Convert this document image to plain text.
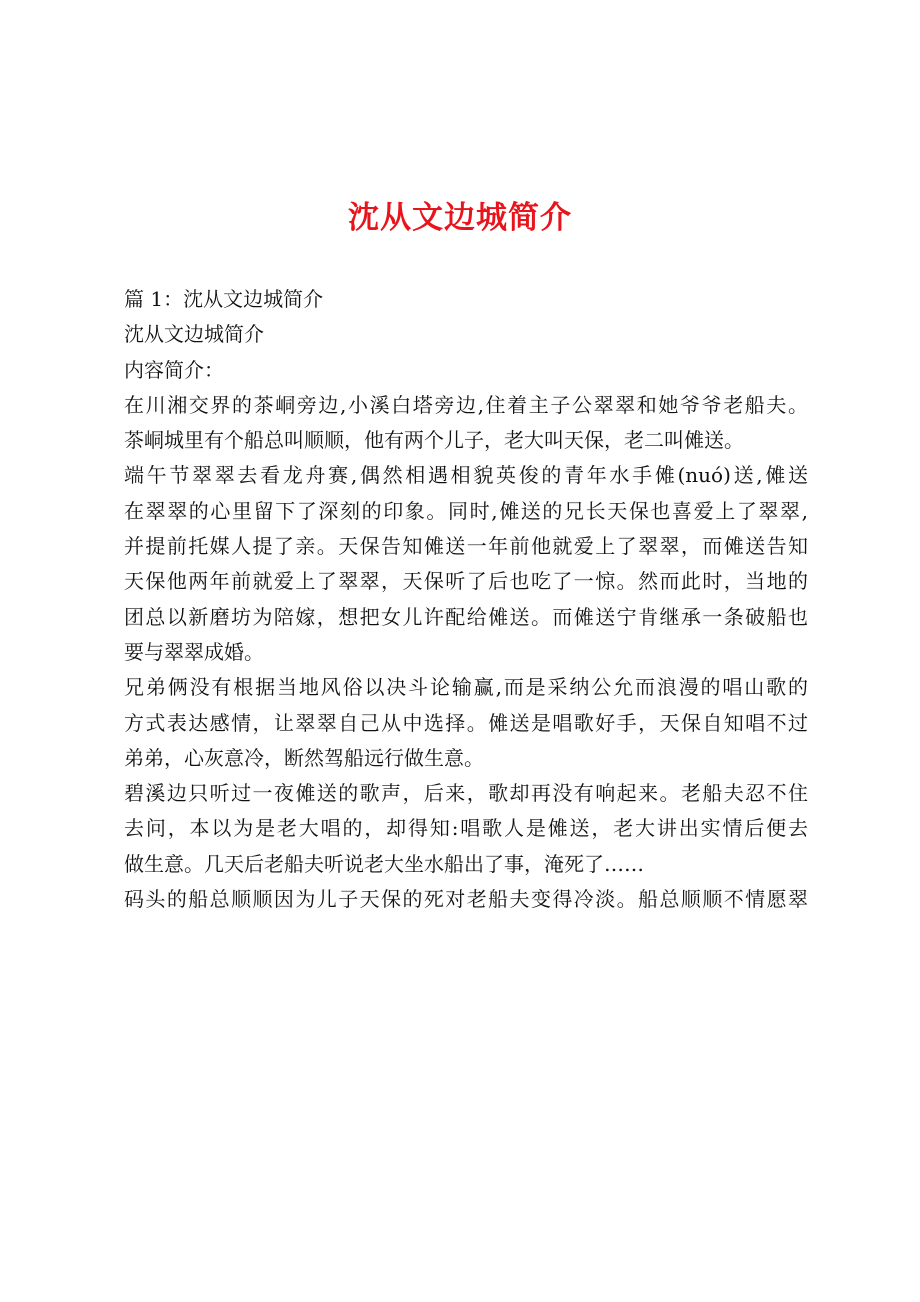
沈从文边城简介
篇 1：沈从文边城简介
沈从文边城简介
内容简介：
在川湘交界的茶峒旁边,小溪白塔旁边,住着主子公翠翠和她爷爷老船夫。
茶峒城里有个船总叫顺顺，他有两个儿子，老大叫天保，老二叫傩送。
端午节翠翠去看龙舟赛,偶然相遇相貌英俊的青年水手傩(nuó)送,傩送
在翠翠的心里留下了深刻的印象。同时,傩送的兄长天保也喜爱上了翠翠,
并提前托媒人提了亲。天保告知傩送一年前他就爱上了翠翠，而傩送告知
天保他两年前就爱上了翠翠，天保听了后也吃了一惊。然而此时，当地的
团总以新磨坊为陪嫁，想把女儿许配给傩送。而傩送宁肯继承一条破船也
要与翠翠成婚。
兄弟俩没有根据当地风俗以决斗论输赢,而是采纳公允而浪漫的唱山歌的
方式表达感情，让翠翠自己从中选择。傩送是唱歌好手，天保自知唱不过
弟弟，心灰意冷，断然驾船远行做生意。
碧溪边只听过一夜傩送的歌声，后来，歌却再没有响起来。老船夫忍不住
去问，本以为是老大唱的，却得知:唱歌人是傩送，老大讲出实情后便去
做生意。几天后老船夫听说老大坐水船出了事，淹死了……
码头的船总顺顺因为儿子天保的死对老船夫变得冷淡。船总顺顺不情愿翠
